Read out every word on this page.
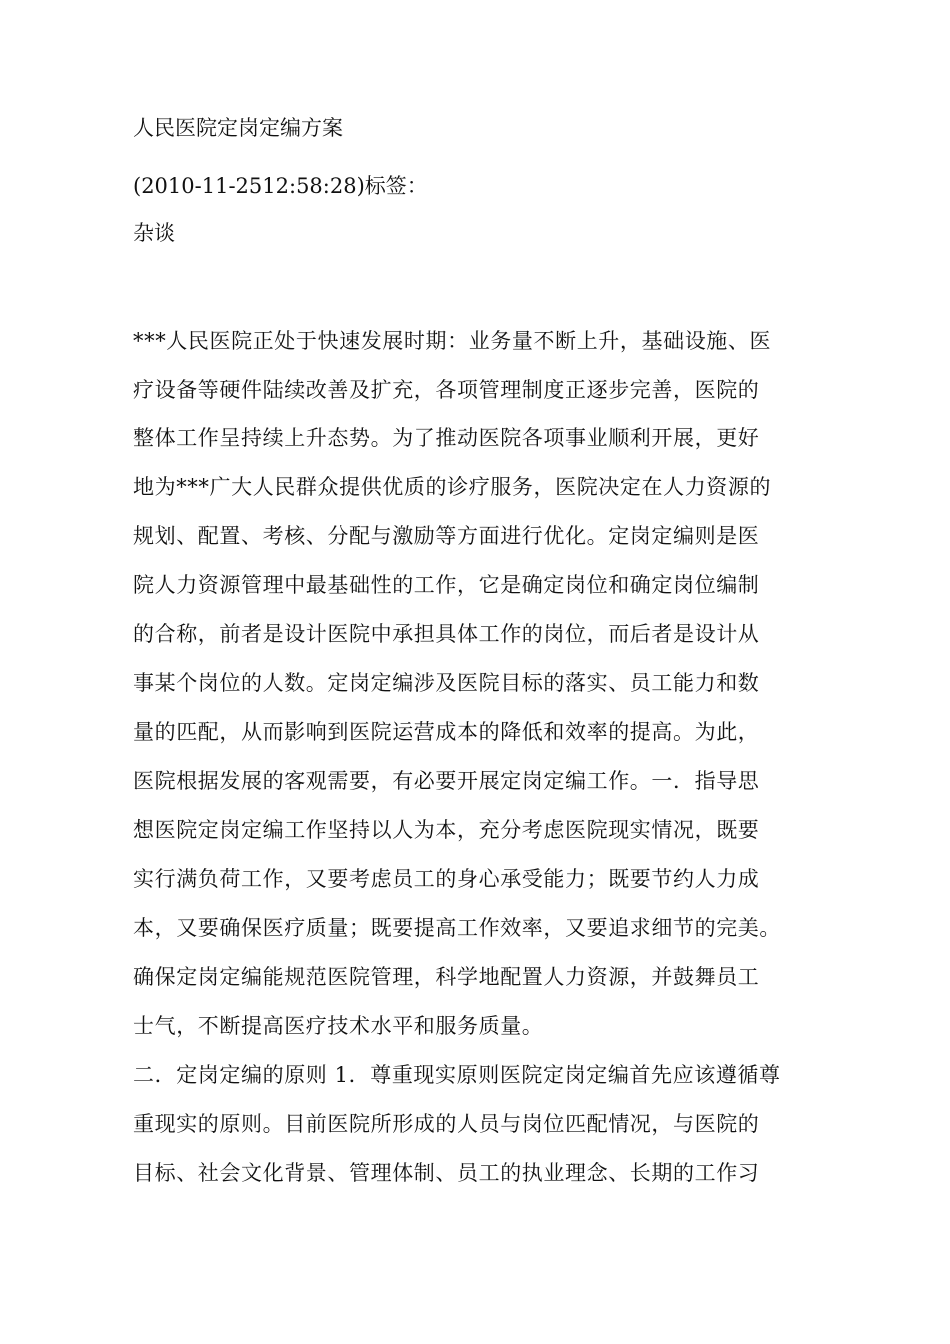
人民医院定岗定编方案
(2010-11-2512:58:28)标签：
杂谈
***人民医院正处于快速发展时期：业务量不断上升，基础设施、医
疗设备等硬件陆续改善及扩充，各项管理制度正逐步完善，医院的
整体工作呈持续上升态势。为了推动医院各项事业顺利开展，更好
地为***广大人民群众提供优质的诊疗服务，医院决定在人力资源的
规划、配置、考核、分配与激励等方面进行优化。定岗定编则是医
院人力资源管理中最基础性的工作，它是确定岗位和确定岗位编制
的合称，前者是设计医院中承担具体工作的岗位，而后者是设计从
事某个岗位的人数。定岗定编涉及医院目标的落实、员工能力和数
量的匹配，从而影响到医院运营成本的降低和效率的提高。为此，
医院根据发展的客观需要，有必要开展定岗定编工作。一．指导思
想医院定岗定编工作坚持以人为本，充分考虑医院现实情况，既要
实行满负荷工作，又要考虑员工的身心承受能力；既要节约人力成
本，又要确保医疗质量；既要提高工作效率，又要追求细节的完美。
确保定岗定编能规范医院管理，科学地配置人力资源，并鼓舞员工
士气，不断提高医疗技术水平和服务质量。
二．定岗定编的原则 1．尊重现实原则医院定岗定编首先应该遵循尊
重现实的原则。目前医院所形成的人员与岗位匹配情况，与医院的
目标、社会文化背景、管理体制、员工的执业理念、长期的工作习
